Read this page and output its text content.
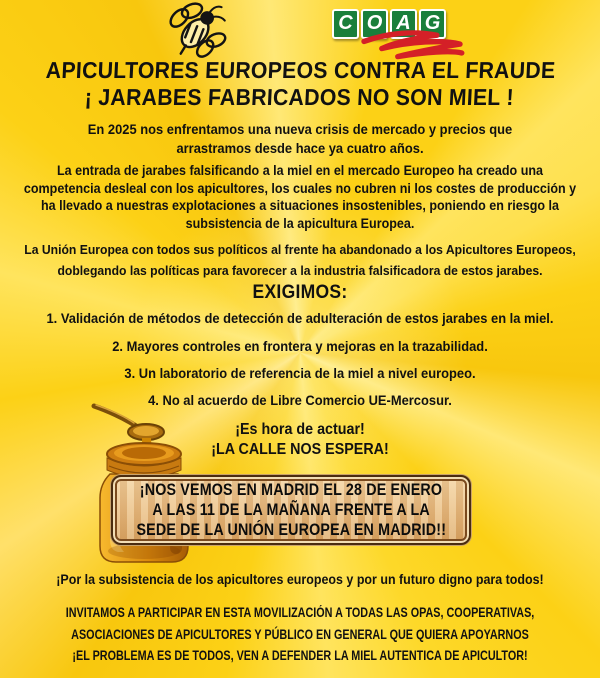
C O A G
¡NOS VEMOS EN MADRID EL 28 DE ENERO
A LAS 11 DE LA MAÑANA FRENTE A LA
SEDE DE LA UNIÓN EUROPEA EN MADRID!!
APICULTORES EUROPEOS CONTRA EL FRAUDE
¡ JARABES FABRICADOS NO SON MIEL !
En 2025 nos enfrentamos una nueva crisis de mercado y precios que arrastramos desde hace ya cuatro años.
La entrada de jarabes falsificando a la miel en el mercado Europeo ha creado una competencia desleal con los apicultores, los cuales no cubren ni los costes de producción y ha llevado a nuestras explotaciones a situaciones insostenibles, poniendo en riesgo la subsistencia de la apicultura Europea.
La Unión Europea con todos sus políticos al frente ha abandonado a los Apicultores Europeos, doblegando las políticas para favorecer a la industria falsificadora de estos jarabes.
EXIGIMOS:
1. Validación de métodos de detección de adulteración de estos jarabes en la miel.
2. Mayores controles en frontera y mejoras en la trazabilidad.
3. Un laboratorio de referencia de la miel a nivel europeo.
4. No al acuerdo de Libre Comercio UE-Mercosur.
¡Es hora de actuar!
¡LA CALLE NOS ESPERA!
¡Por la subsistencia de los apicultores europeos y por un futuro digno para todos!
INVITAMOS A PARTICIPAR EN ESTA MOVILIZACIÓN A TODAS LAS OPAS, COOPERATIVAS,
ASOCIACIONES DE APICULTORES Y PÚBLICO EN GENERAL QUE QUIERA APOYARNOS
¡EL PROBLEMA ES DE TODOS, VEN A DEFENDER LA MIEL AUTENTICA DE APICULTOR!
